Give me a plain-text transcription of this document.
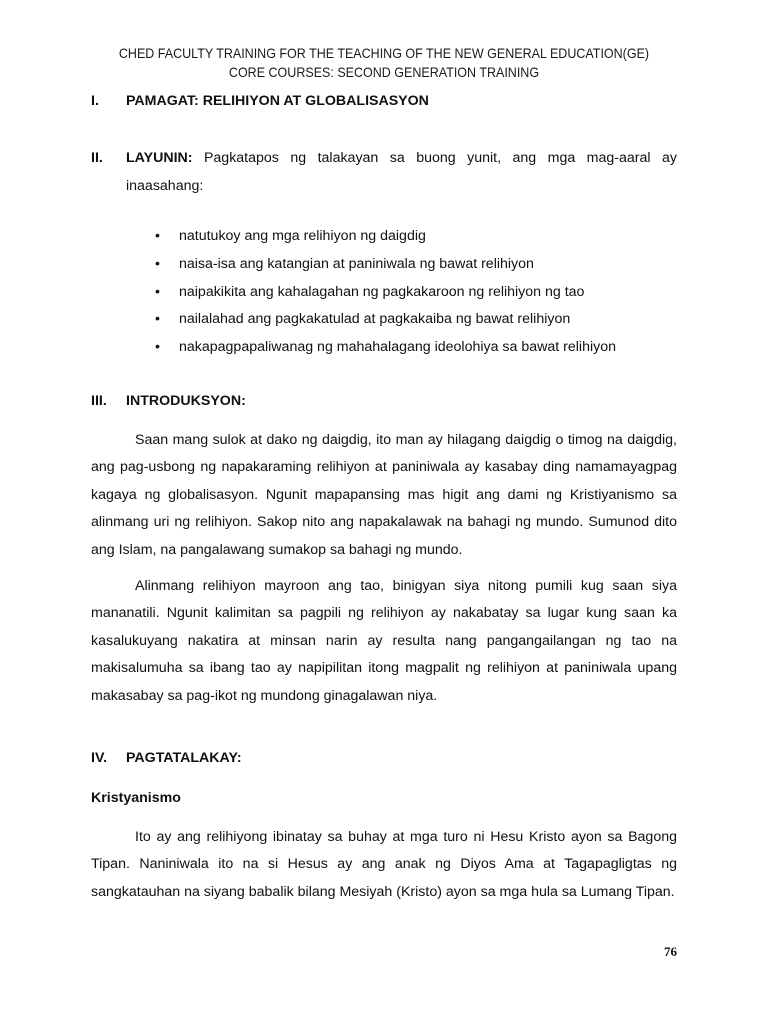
CHED FACULTY TRAINING FOR THE TEACHING OF THE NEW GENERAL EDUCATION(GE)
CORE COURSES: SECOND GENERATION TRAINING
I. PAMAGAT: RELIHIYON AT GLOBALISASYON
II.	LAYUNIN: Pagkatapos ng talakayan sa buong yunit, ang mga mag-aaral ay
inaasahang:
• natutukoy ang mga relihiyon ng daigdig
• naisa-isa ang katangian at paniniwala ng bawat relihiyon
• naipakikita ang kahalagahan ng pagkakaroon ng relihiyon ng tao
• nailalahad ang pagkakatulad at pagkakaiba ng bawat relihiyon
• nakapagpapaliwanag ng mahahalagang ideolohiya sa bawat relihiyon
III. INTRODUKSYON:
Saan mang sulok at dako ng daigdig, ito man ay hilagang daigdig o timog na daigdig, ang pag-usbong ng napakaraming relihiyon at paniniwala ay kasabay ding namamayagpag kagaya ng globalisasyon. Ngunit mapapansing mas higit ang dami ng Kristiyanismo sa alinmang uri ng relihiyon. Sakop nito ang napakalawak na bahagi ng mundo. Sumunod dito ang Islam, na pangalawang sumakop sa bahagi ng mundo.
Alinmang relihiyon mayroon ang tao, binigyan siya nitong pumili kug saan siya mananatili. Ngunit kalimitan sa pagpili ng relihiyon ay nakabatay sa lugar kung saan ka kasalukuyang nakatira at minsan narin ay resulta nang pangangailangan ng tao na makisalumuha sa ibang tao ay napipilitan itong magpalit ng relihiyon at paniniwala upang makasabay sa pag-ikot ng mundong ginagalawan niya.
IV. PAGTATALAKAY:
Kristyanismo
Ito ay ang relihiyong ibinatay sa buhay at mga turo ni Hesu Kristo ayon sa Bagong Tipan. Naniniwala ito na si Hesus ay ang anak ng Diyos Ama at Tagapagligtas ng sangkatauhan na siyang babalik bilang Mesiyah (Kristo) ayon sa mga hula sa Lumang Tipan.
76
